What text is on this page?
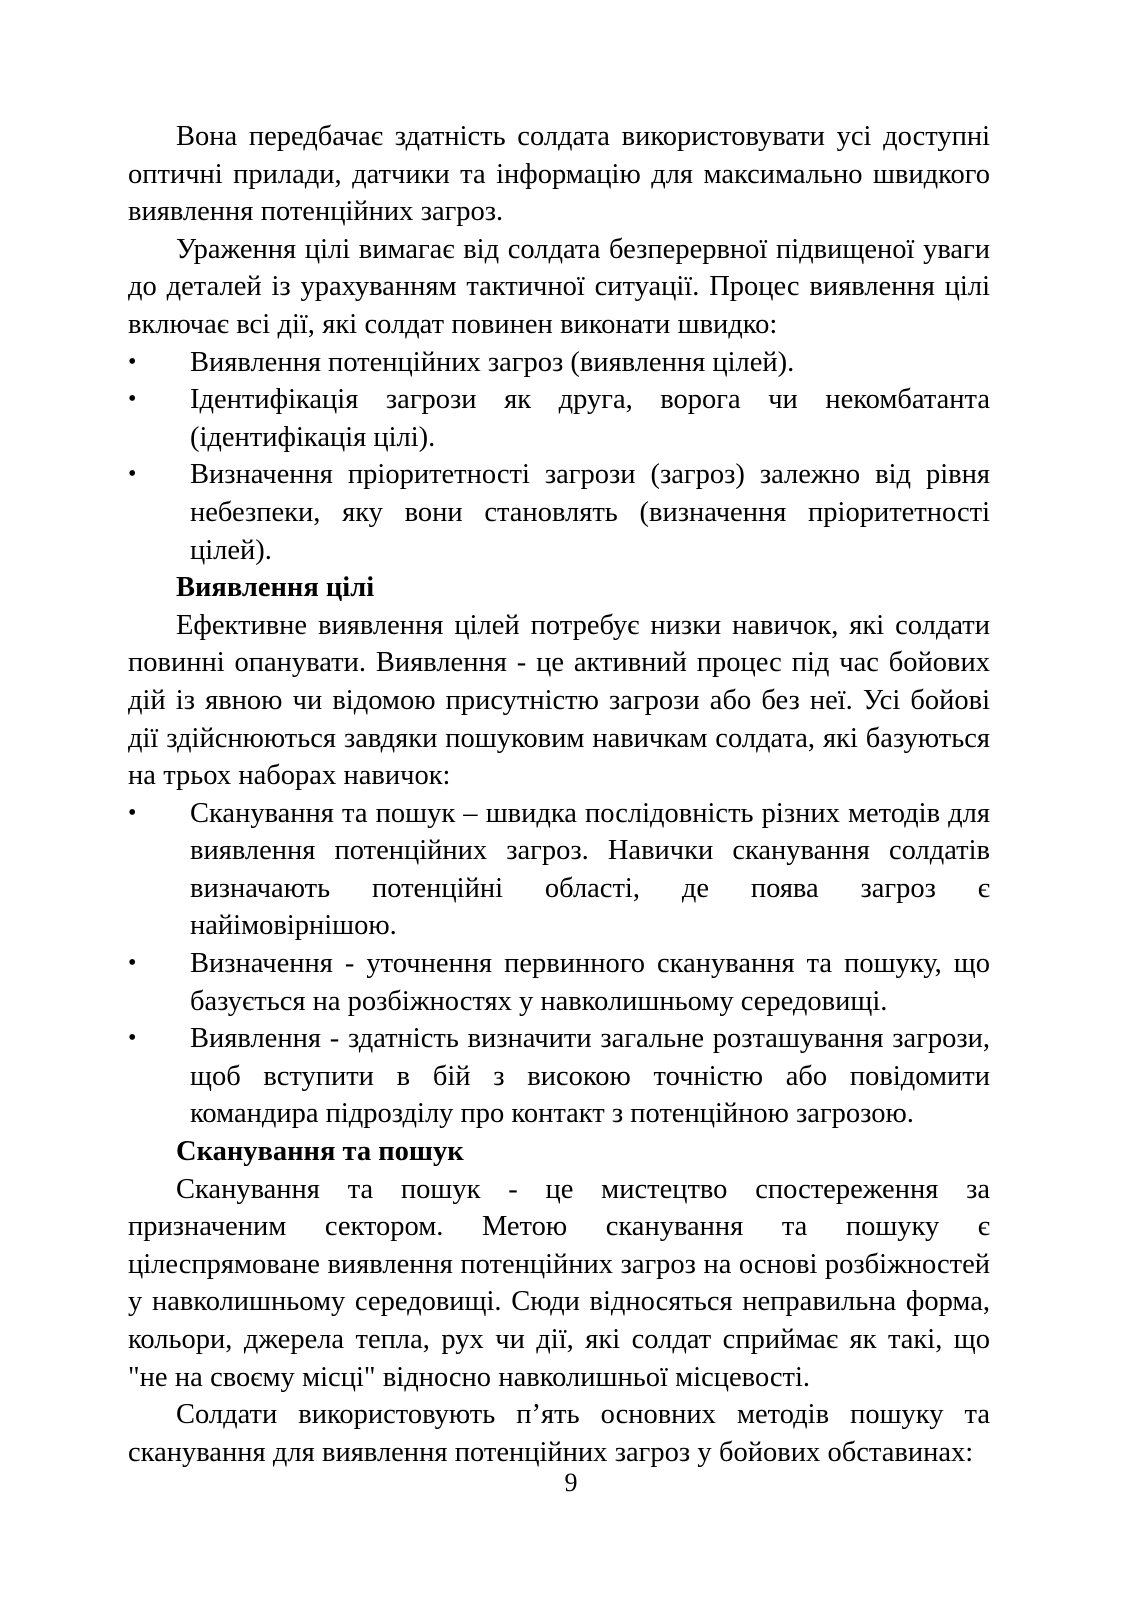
Вона передбачає здатність солдата використовувати усі доступні оптичні прилади, датчики та інформацію для максимально швидкого виявлення потенційних загроз.

Ураження цілі вимагає від солдата безперервної підвищеної уваги до деталей із урахуванням тактичної ситуації. Процес виявлення цілі включає всі дії, які солдат повинен виконати швидко:

• Виявлення потенційних загроз (виявлення цілей).

• Ідентифікація загрози як друга, ворога чи некомбатанта (ідентифікація цілі).

• Визначення пріоритетності загрози (загроз) залежно від рівня небезпеки, яку вони становлять (визначення пріоритетності цілей).

Виявлення цілі

Ефективне виявлення цілей потребує низки навичок, які солдати повинні опанувати. Виявлення - це активний процес під час бойових дій із явною чи відомою присутністю загрози або без неї. Усі бойові дії здійснюються завдяки пошуковим навичкам солдата, які базуються на трьох наборах навичок:

• Сканування та пошук – швидка послідовність різних методів для виявлення потенційних загроз. Навички сканування солдатів визначають потенційні області, де поява загроз є найімовірнішою.

• Визначення - уточнення первинного сканування та пошуку, що базується на розбіжностях у навколишньому середовищі.

• Виявлення - здатність визначити загальне розташування загрози, щоб вступити в бій з високою точністю або повідомити командира підрозділу про контакт з потенційною загрозою.

Сканування та пошук

Сканування та пошук - це мистецтво спостереження за призначеним сектором. Метою сканування та пошуку є цілеспрямоване виявлення потенційних загроз на основі розбіжностей у навколишньому середовищі. Сюди відносяться неправильна форма, кольори, джерела тепла, рух чи дії, які солдат сприймає як такі, що "не на своєму місці" відносно навколишньої місцевості.

Солдати використовують п’ять основних методів пошуку та сканування для виявлення потенційних загроз у бойових обставинах:

9
